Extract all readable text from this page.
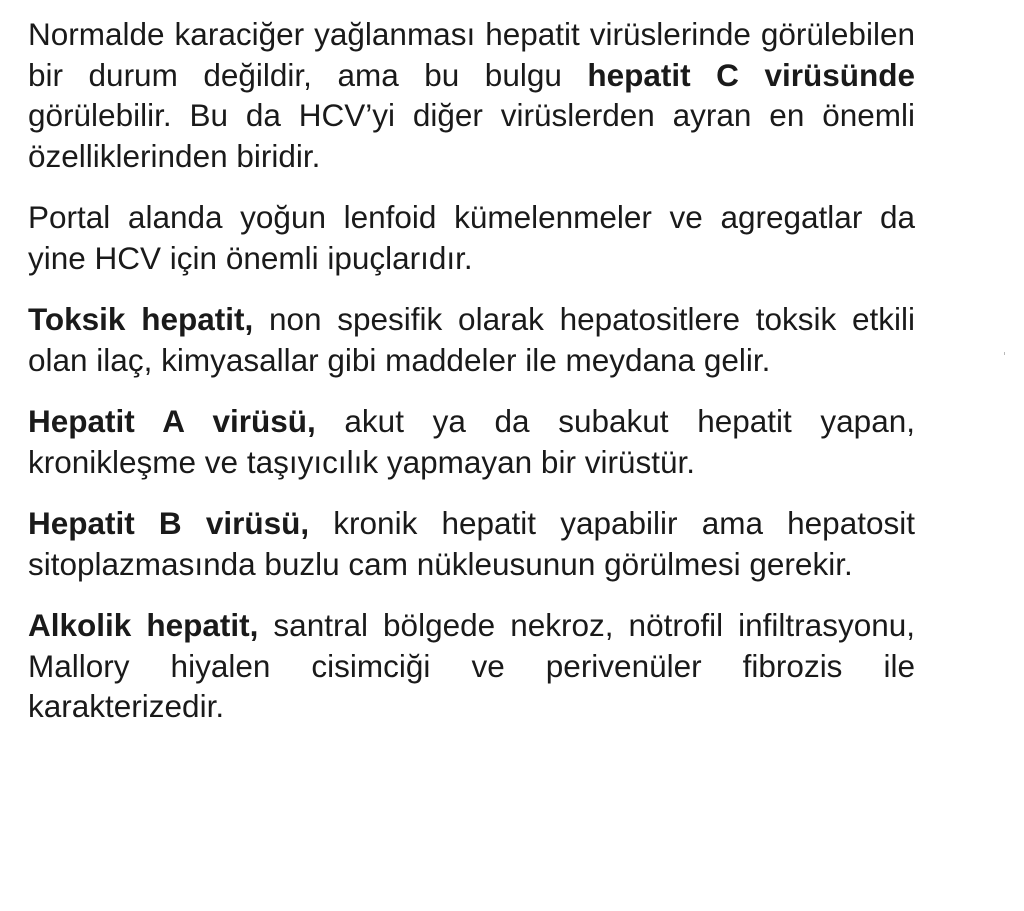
Normalde karaciğer yağlanması hepatit virüslerinde görülebilen bir durum değildir, ama bu bulgu hepatit C virüsünde görülebilir. Bu da HCV’yi diğer virüslerden ayran en önemli özelliklerinden biridir.

Portal alanda yoğun lenfoid kümelenmeler ve agregatlar da yine HCV için önemli ipuçlarıdır.

Toksik hepatit, non spesifik olarak hepatositlere toksik etkili olan ilaç, kimyasallar gibi maddeler ile meydana gelir.

Hepatit A virüsü, akut ya da subakut hepatit yapan, kronikleşme ve taşıyıcılık yapmayan bir virüstür.

Hepatit B virüsü, kronik hepatit yapabilir ama hepatosit sitoplazmasında buzlu cam nükleusunun görülmesi gerekir.

Alkolik hepatit, santral bölgede nekroz, nötrofil infiltrasyonu, Mallory hiyalen cisimciği ve perivenüler fibrozis ile karakterizedir.
